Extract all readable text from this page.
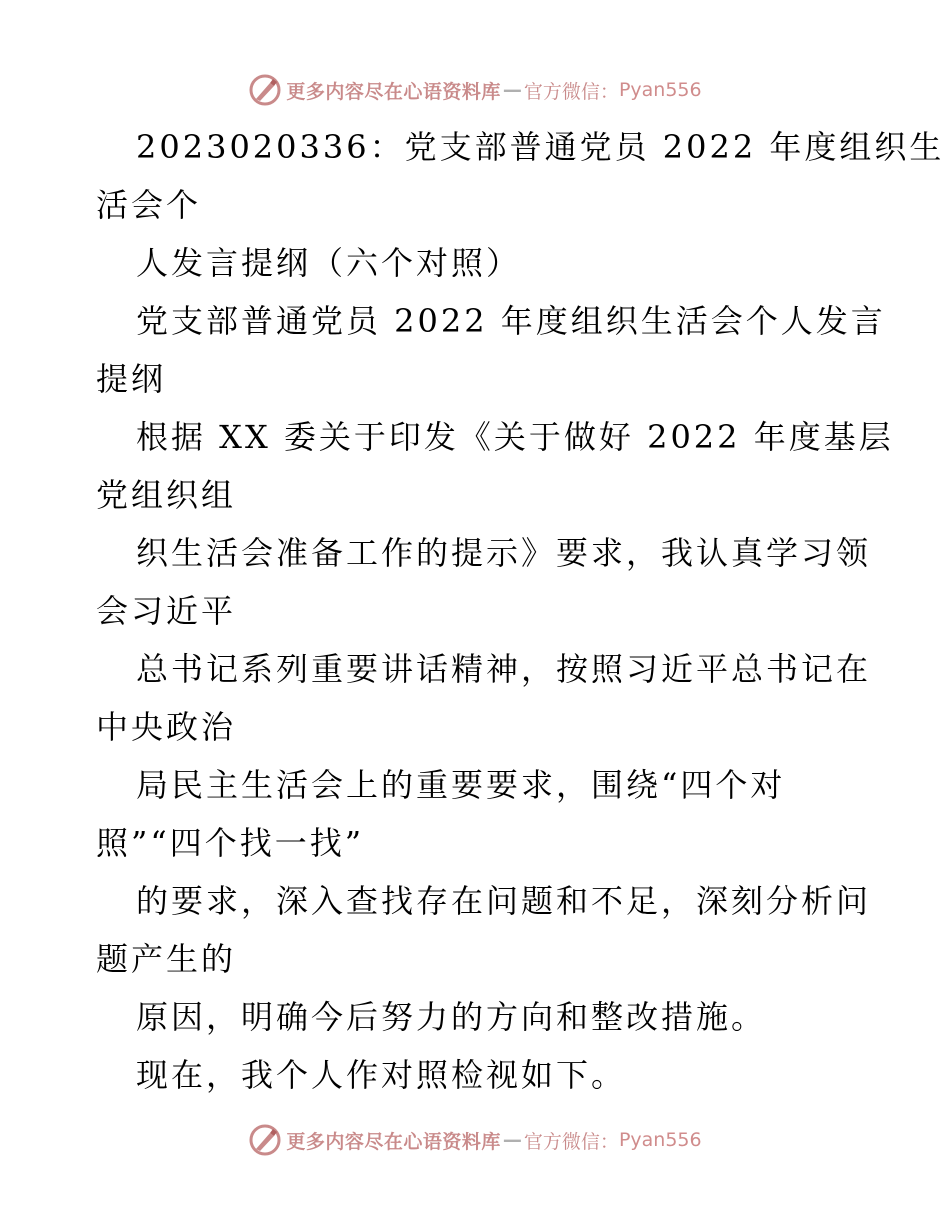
更多内容尽在心语资料库 — 官方微信： Pyan556
2023020336：党支部普通党员 2022 年度组织生
活会个
人发言提纲（六个对照）
党支部普通党员 2022 年度组织生活会个人发言
提纲
根据 XX 委关于印发《关于做好 2022 年度基层
党组织组
织生活会准备工作的提示》要求，我认真学习领
会习近平
总书记系列重要讲话精神，按照习近平总书记在
中央政治
局民主生活会上的重要要求，围绕“四个对
照”“四个找一找”
的要求，深入查找存在问题和不足，深刻分析问
题产生的
原因，明确今后努力的方向和整改措施。
现在，我个人作对照检视如下。
更多内容尽在心语资料库 — 官方微信： Pyan556
